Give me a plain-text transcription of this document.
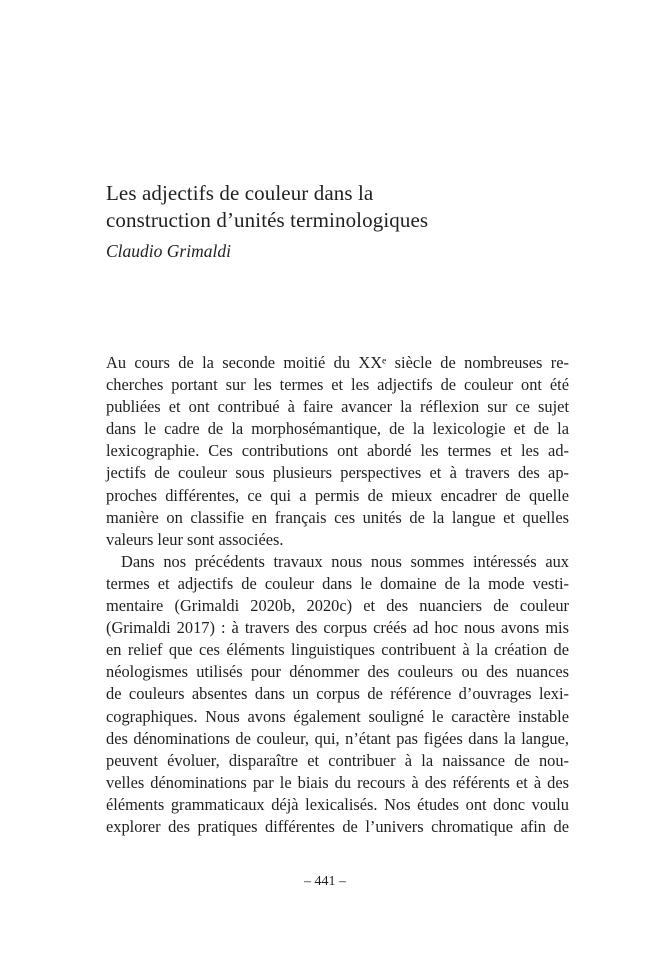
Les adjectifs de couleur dans la
construction d’unités terminologiques
Claudio Grimaldi
Au cours de la seconde moitié du XXᵉ siècle de nombreuses re-
cherches portant sur les termes et les adjectifs de couleur ont été
publiées et ont contribué à faire avancer la réflexion sur ce sujet
dans le cadre de la morphosémantique, de la lexicologie et de la
lexicographie. Ces contributions ont abordé les termes et les ad-
jectifs de couleur sous plusieurs perspectives et à travers des ap-
proches différentes, ce qui a permis de mieux encadrer de quelle
manière on classifie en français ces unités de la langue et quelles
valeurs leur sont associées.
Dans nos précédents travaux nous nous sommes intéressés aux
termes et adjectifs de couleur dans le domaine de la mode vesti-
mentaire (Grimaldi 2020b, 2020c) et des nuanciers de couleur
(Grimaldi 2017) : à travers des corpus créés ad hoc nous avons mis
en relief que ces éléments linguistiques contribuent à la création de
néologismes utilisés pour dénommer des couleurs ou des nuances
de couleurs absentes dans un corpus de référence d’ouvrages lexi-
cographiques. Nous avons également souligné le caractère instable
des dénominations de couleur, qui, n’étant pas figées dans la langue,
peuvent évoluer, disparaître et contribuer à la naissance de nou-
velles dénominations par le biais du recours à des référents et à des
éléments grammaticaux déjà lexicalisés. Nos études ont donc voulu
explorer des pratiques différentes de l’univers chromatique afin de
– 441 –
